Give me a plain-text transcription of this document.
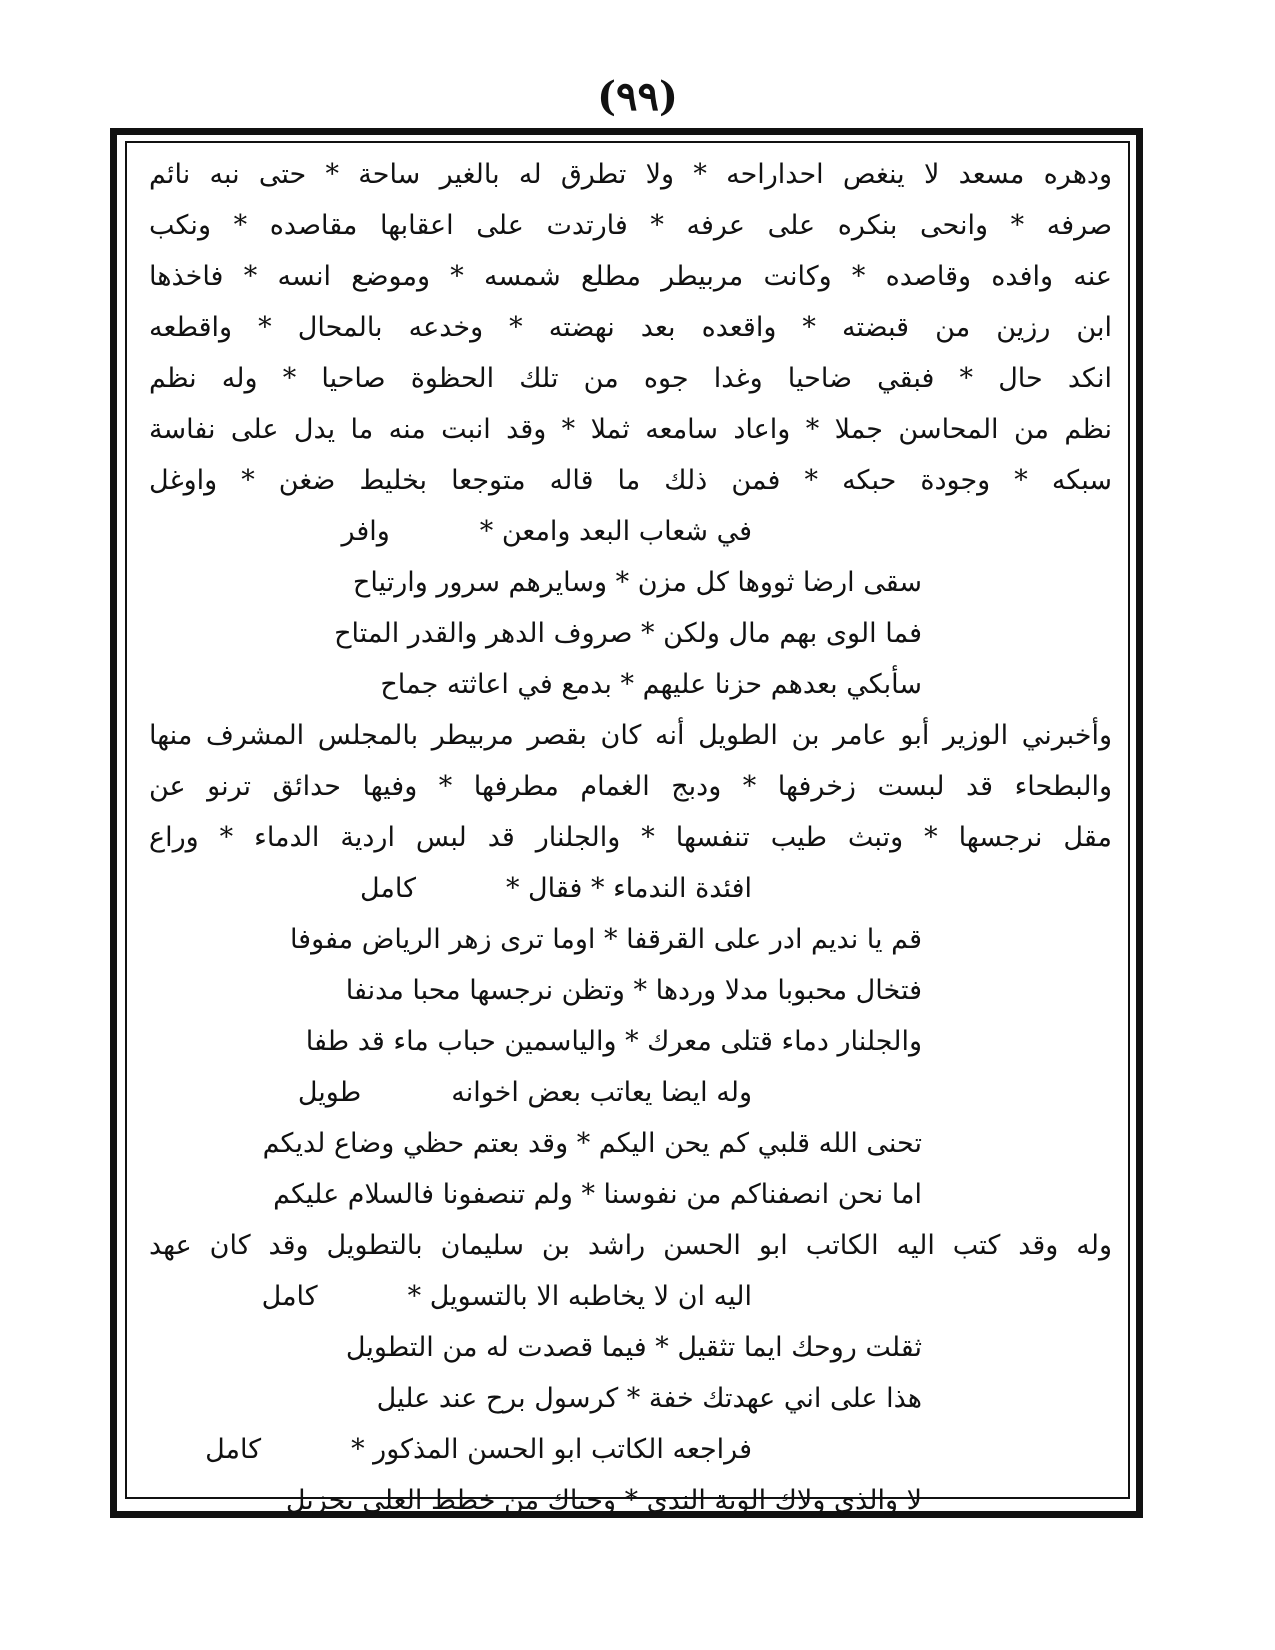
(٩٩)
ودهره مسعد لا ينغص احداراحه * ولا تطرق له بالغير ساحة * حتى نبه نائم
صرفه * وانحى بنكره على عرفه * فارتدت على اعقابها مقاصده * ونكب
عنه وافده وقاصده * وكانت مربيطر مطلع شمسه * وموضع انسه * فاخذها
ابن رزين من قبضته * واقعده بعد نهضته * وخدعه بالمحال * واقطعه
انكد حال * فبقي ضاحيا وغدا جوه من تلك الحظوة صاحيا * وله نظم
نظم من المحاسن جملا * واعاد سامعه ثملا * وقد انبت منه ما يدل على نفاسة
سبكه * وجودة حبكه * فمن ذلك ما قاله متوجعا بخليط ضغن * واوغل
في شعاب البعد وامعن *وافر
سقى ارضا ثووها كل مزن * وسايرهم سرور وارتياح
فما الوى بهم مال ولكن * صروف الدهر والقدر المتاح
سأبكي بعدهم حزنا عليهم * بدمع في اعاثته جماح
وأخبرني الوزير أبو عامر بن الطويل أنه كان بقصر مربيطر بالمجلس المشرف منها
والبطحاء قد لبست زخرفها * ودبج الغمام مطرفها * وفيها حدائق ترنو عن
مقل نرجسها * وتبث طيب تنفسها * والجلنار قد لبس اردية الدماء * وراع
افئدة الندماء * فقال *كامل
قم يا نديم ادر على القرقفا * اوما ترى زهر الرياض مفوفا
فتخال محبوبا مدلا وردها * وتظن نرجسها محبا مدنفا
والجلنار دماء قتلى معرك * والياسمين حباب ماء قد طفا
وله ايضا يعاتب بعض اخوانهطويل
تحنى الله قلبي كم يحن اليكم * وقد بعتم حظي وضاع لديكم
اما نحن انصفناكم من نفوسنا * ولم تنصفونا فالسلام عليكم
وله وقد كتب اليه الكاتب ابو الحسن راشد بن سليمان بالتطويل وقد كان عهد
اليه ان لا يخاطبه الا بالتسويل *كامل
ثقلت روحك ايما تثقيل * فيما قصدت له من التطويل
هذا على اني عهدتك خفة * كرسول برح عند عليل
فراجعه الكاتب ابو الحسن المذكور *كامل
لا والذي ولاك الوية الندى * وحباك من خطط العلى بجزيل
